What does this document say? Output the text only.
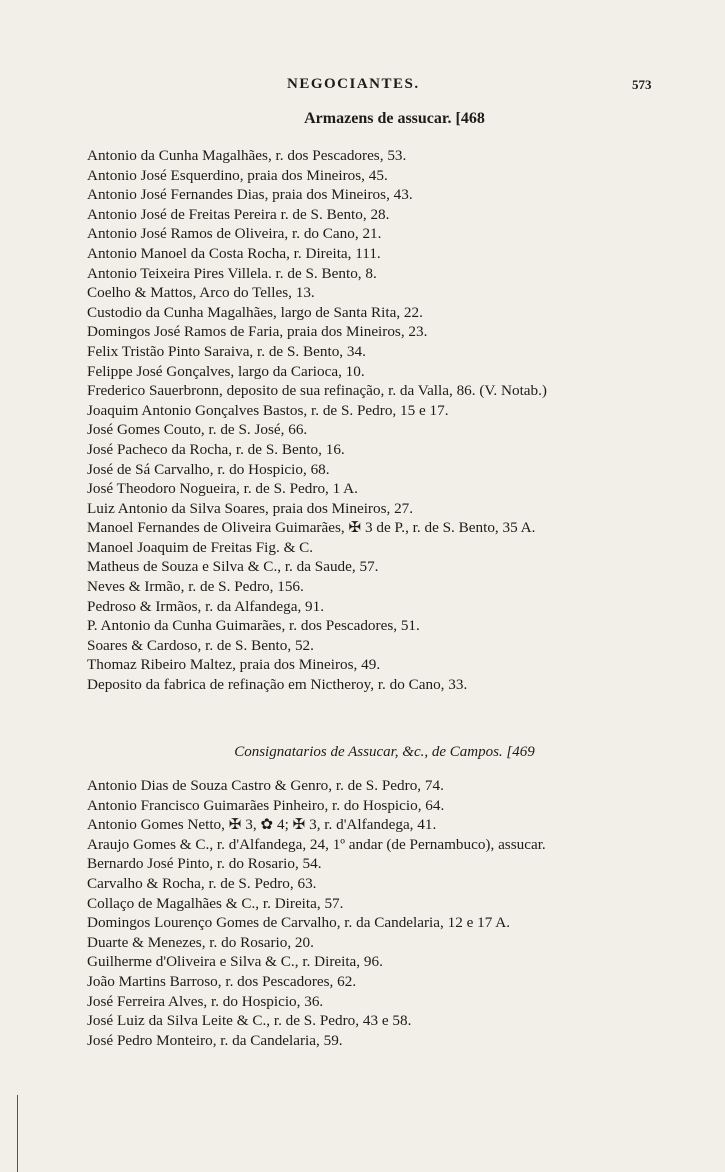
NEGOCIANTES.	573
Armazens de assucar. [468
Antonio da Cunha Magalhães, r. dos Pescadores, 53.
Antonio José Esquerdino, praia dos Mineiros, 45.
Antonio José Fernandes Dias, praia dos Mineiros, 43.
Antonio José de Freitas Pereira r. de S. Bento, 28.
Antonio José Ramos de Oliveira, r. do Cano, 21.
Antonio Manoel da Costa Rocha, r. Direita, 111.
Antonio Teixeira Pires Villela. r. de S. Bento, 8.
Coelho & Mattos, Arco do Telles, 13.
Custodio da Cunha Magalhães, largo de Santa Rita, 22.
Domingos José Ramos de Faria, praia dos Mineiros, 23.
Felix Tristão Pinto Saraiva, r. de S. Bento, 34.
Felippe José Gonçalves, largo da Carioca, 10.
Frederico Sauerbronn, deposito de sua refinação, r. da Valla, 86. (V. Notab.)
Joaquim Antonio Gonçalves Bastos, r. de S. Pedro, 15 e 17.
José Gomes Couto, r. de S. José, 66.
José Pacheco da Rocha, r. de S. Bento, 16.
José de Sá Carvalho, r. do Hospicio, 68.
José Theodoro Nogueira, r. de S. Pedro, 1 A.
Luiz Antonio da Silva Soares, praia dos Mineiros, 27.
Manoel Fernandes de Oliveira Guimarães, ✠ 3 de P., r. de S. Bento, 35 A.
Manoel Joaquim de Freitas Fig. & C.
Matheus de Souza e Silva & C., r. da Saude, 57.
Neves & Irmão, r. de S. Pedro, 156.
Pedroso & Irmãos, r. da Alfandega, 91.
P. Antonio da Cunha Guimarães, r. dos Pescadores, 51.
Soares & Cardoso, r. de S. Bento, 52.
Thomaz Ribeiro Maltez, praia dos Mineiros, 49.
Deposito da fabrica de refinação em Nictheroy, r. do Cano, 33.
Consignatarios de Assucar, &c., de Campos. [469
Antonio Dias de Souza Castro & Genro, r. de S. Pedro, 74.
Antonio Francisco Guimarães Pinheiro, r. do Hospicio, 64.
Antonio Gomes Netto, ✠ 3, ✿ 4; ✠ 3, r. d'Alfandega, 41.
Araujo Gomes & C., r. d'Alfandega, 24, 1º andar (de Pernambuco), assucar.
Bernardo José Pinto, r. do Rosario, 54.
Carvalho & Rocha, r. de S. Pedro, 63.
Collaço de Magalhães & C., r. Direita, 57.
Domingos Lourenço Gomes de Carvalho, r. da Candelaria, 12 e 17 A.
Duarte & Menezes, r. do Rosario, 20.
Guilherme d'Oliveira e Silva & C., r. Direita, 96.
João Martins Barroso, r. dos Pescadores, 62.
José Ferreira Alves, r. do Hospicio, 36.
José Luiz da Silva Leite & C., r. de S. Pedro, 43 e 58.
José Pedro Monteiro, r. da Candelaria, 59.
